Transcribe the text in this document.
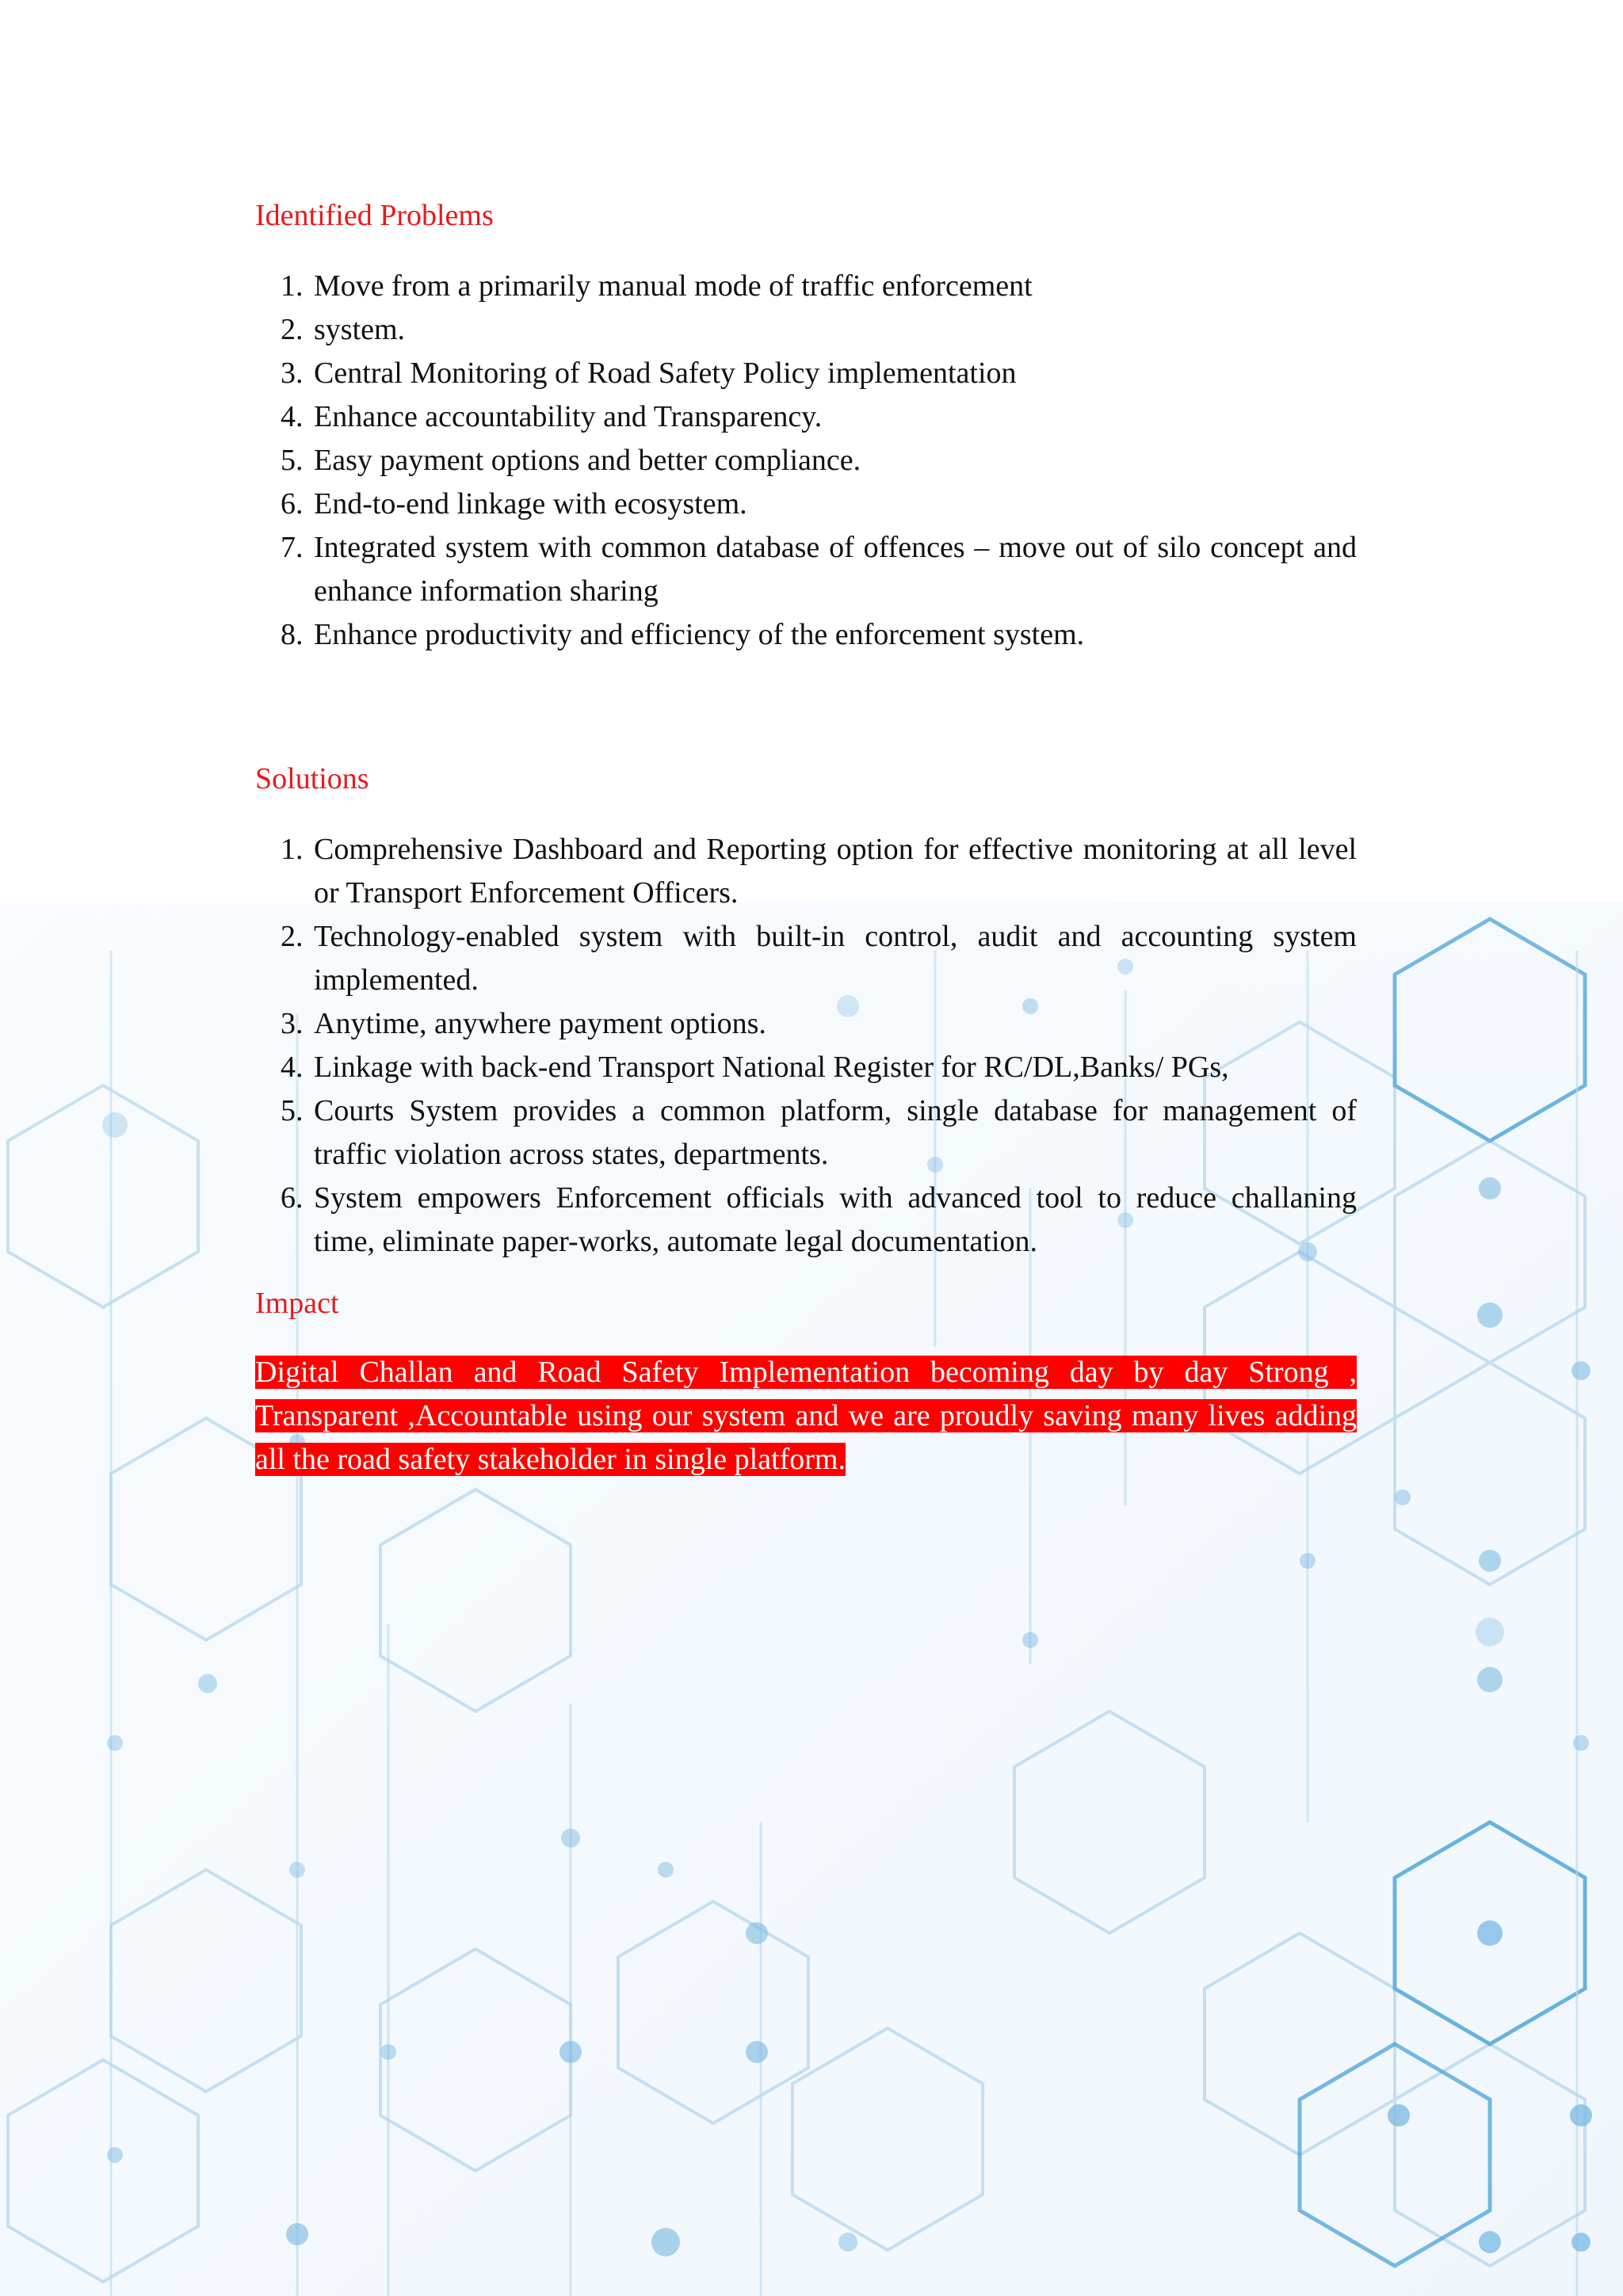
Identified Problems
1. Move from a primarily manual mode of traffic enforcement
2. system.
3. Central Monitoring of Road Safety Policy implementation
4. Enhance accountability and Transparency.
5. Easy payment options and better compliance.
6. End-to-end linkage with ecosystem.
7. Integrated system with common database of offences – move out of silo concept and enhance information sharing
8. Enhance productivity and efficiency of the enforcement system.
Solutions
1. Comprehensive Dashboard and Reporting option for effective monitoring at all level or Transport Enforcement Officers.
2. Technology-enabled system with built-in control, audit and accounting system implemented.
3. Anytime, anywhere payment options.
4. Linkage with back-end Transport National Register for RC/DL,Banks/ PGs,
5. Courts System provides a common platform, single database for management of traffic violation across states, departments.
6. System empowers Enforcement officials with advanced tool to reduce challaning time, eliminate paper-works, automate legal documentation.
Impact

Digital Challan and Road Safety Implementation becoming day by day Strong , Transparent ,Accountable using our system and we are proudly saving many lives adding all the road safety stakeholder in single platform.
